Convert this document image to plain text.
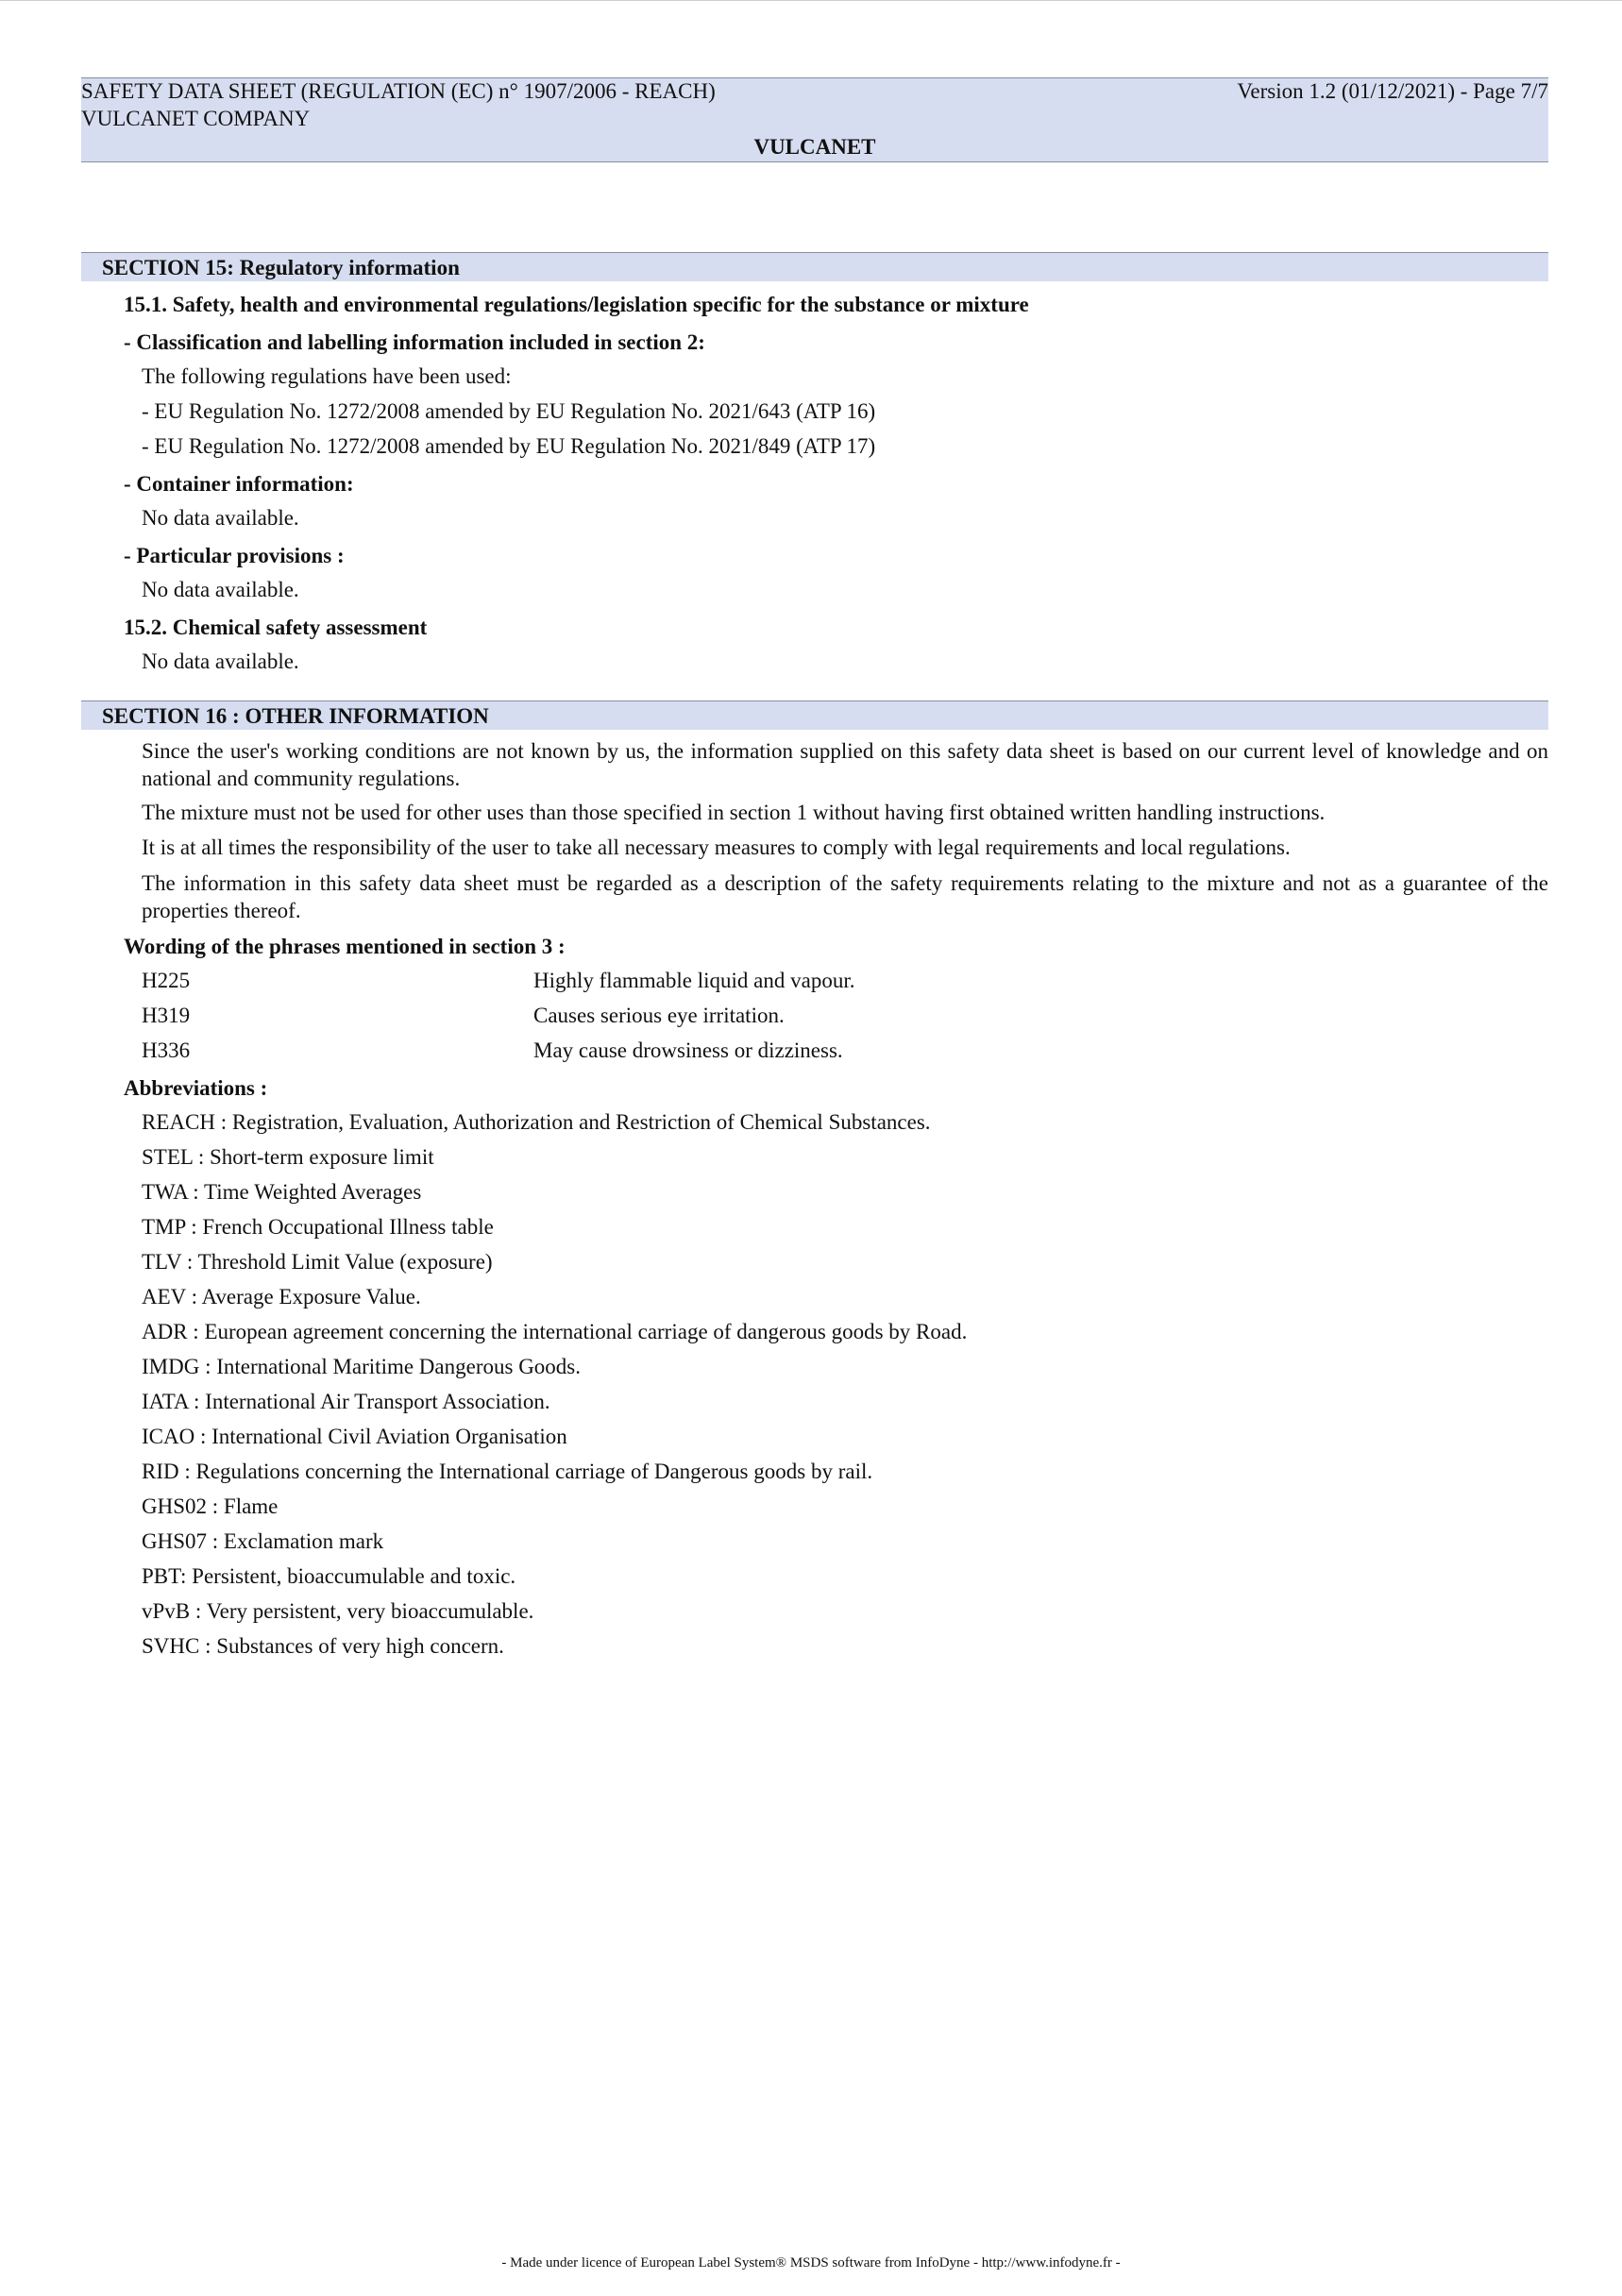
SAFETY DATA SHEET (REGULATION (EC) n° 1907/2006 - REACH)
VULCANET COMPANY
Version 1.2 (01/12/2021) - Page 7/7
VULCANET
SECTION 15: Regulatory information
15.1. Safety, health and environmental regulations/legislation specific for the substance or mixture
- Classification and labelling information included in section 2:
The following regulations have been used:
- EU Regulation No. 1272/2008 amended by EU Regulation No. 2021/643 (ATP 16)
- EU Regulation No. 1272/2008 amended by EU Regulation No. 2021/849 (ATP 17)
- Container information:
No data available.
- Particular provisions :
No data available.
15.2. Chemical safety assessment
No data available.
SECTION 16 : OTHER INFORMATION
Since the user's working conditions are not known by us, the information supplied on this safety data sheet is based on our current level of knowledge and on national and community regulations.
The mixture must not be used for other uses than those specified in section 1 without having first obtained written handling instructions.
It is at all times the responsibility of the user to take all necessary measures to comply with legal requirements and local regulations.
The information in this safety data sheet must be regarded as a description of the safety requirements relating to the mixture and not as a guarantee of the properties thereof.
Wording of the phrases mentioned in section 3 :
H225	Highly flammable liquid and vapour.
H319	Causes serious eye irritation.
H336	May cause drowsiness or dizziness.
Abbreviations :
REACH : Registration, Evaluation, Authorization and Restriction of Chemical Substances.
STEL : Short-term exposure limit
TWA : Time Weighted Averages
TMP : French Occupational Illness table
TLV : Threshold Limit Value (exposure)
AEV : Average Exposure Value.
ADR : European agreement concerning the international carriage of dangerous goods by Road.
IMDG : International Maritime Dangerous Goods.
IATA : International Air Transport Association.
ICAO : International Civil Aviation Organisation
RID : Regulations concerning the International carriage of Dangerous goods by rail.
GHS02 : Flame
GHS07 : Exclamation mark
PBT: Persistent, bioaccumulable and toxic.
vPvB : Very persistent, very bioaccumulable.
SVHC : Substances of very high concern.
- Made under licence of European Label System® MSDS software from InfoDyne - http://www.infodyne.fr -
